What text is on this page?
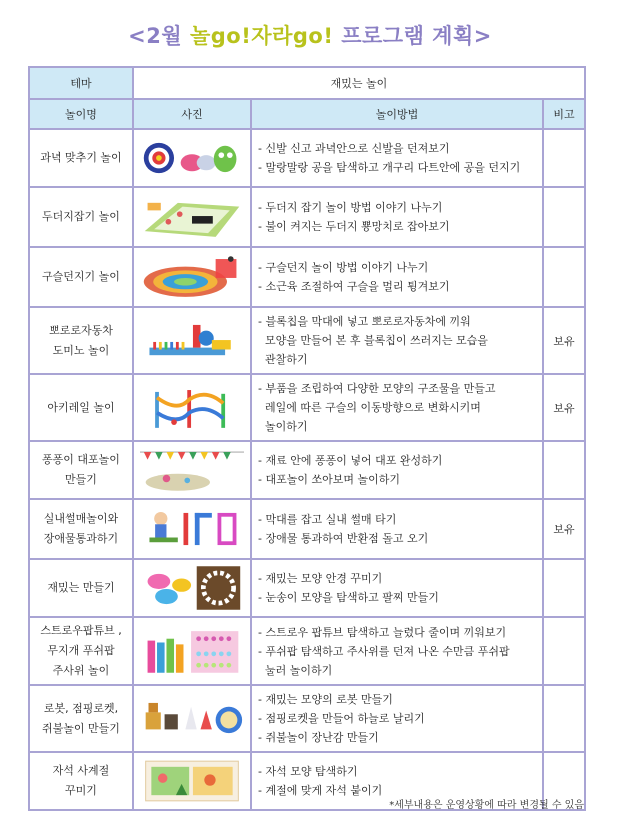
<2월 놀go!자라go! 프로그램 계획>
테마	재밌는 놀이		
놀이명	사진	놀이방법	비고

과녁 맞추기 놀이		- 신발 신고 과녁안으로 신발을 던져보기
- 말랑말랑 공을 탐색하고 개구리 다트안에 공을 던지기	

두더지잡기 놀이		- 두더지 잡기 놀이 방법 이야기 나누기
- 불이 켜지는 두더지 뿅망치로 잡아보기	

구슬던지기 놀이		- 구슬던지 놀이 방법 이야기 나누기
- 소근육 조절하여 구슬을 멀리 튕겨보기	

뽀로로자동차
도미노 놀이		- 블록칩을 막대에 넣고 뽀로로자동차에 끼워
모양을 만들어 본 후 블록칩이 쓰러지는 모습을
관찰하기	보유

아키레일 놀이		- 부품을 조립하여 다양한 모양의 구조물을 만들고
레일에 따른 구슬의 이동방향으로 변화시키며
놀이하기	보유

퐁퐁이 대포놀이
만들기		- 재료 안에 퐁퐁이 넣어 대포 완성하기
- 대포놀이 쏘아보며 놀이하기	

실내썰매놀이와
장애물통과하기		- 막대를 잡고 실내 썰매 타기
- 장애물 통과하여 반환점 돌고 오기	보유

재밌는 만들기		- 재밌는 모양 안경 꾸미기
- 눈송이 모양을 탐색하고 팔찌 만들기	

스트로우팝튜브 ,
무지개 푸쉬팝
주사위 놀이		- 스트로우 팝튜브 탐색하고 늘렸다 줄이며 끼워보기
- 푸쉬팝 탐색하고 주사위를 던져 나온 수만큼 푸쉬팝
눌러 놀이하기	

로봇, 점핑로켓,
쥐불놀이 만들기		- 재밌는 모양의 로봇 만들기
- 점핑로켓을 만들어 하늘로 날리기
- 쥐불놀이 장난감 만들기	

자석 사계절
꾸미기		- 자석 모양 탐색하기
- 계절에 맞게 자석 붙이기	

*세부내용은 운영상황에 따라 변경될 수 있음
